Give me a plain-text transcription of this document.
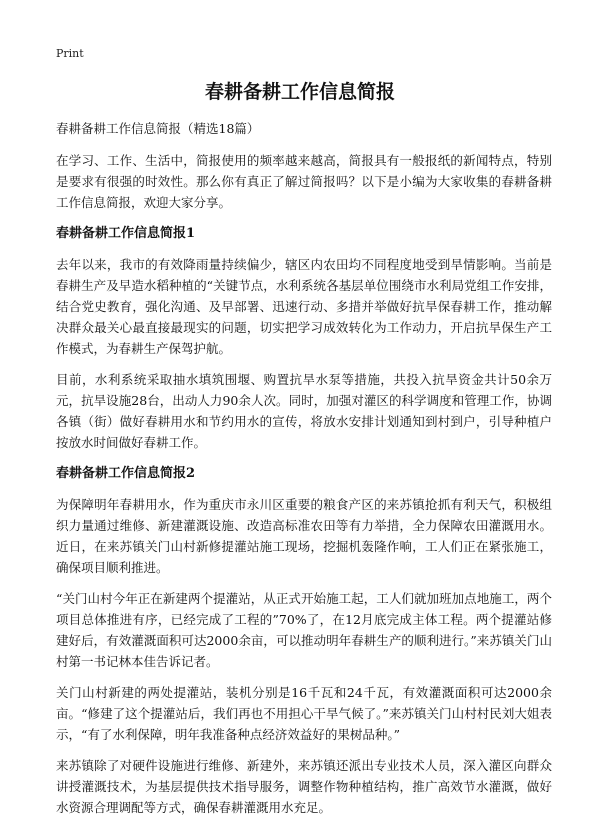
Print
春耕备耕工作信息简报

春耕备耕工作信息简报（精选18篇）

在学习、工作、生活中，简报使用的频率越来越高，简报具有一般报纸的新闻特点，特别是要求有很强的时效性。那么你有真正了解过简报吗？以下是小编为大家收集的春耕备耕工作信息简报，欢迎大家分享。

春耕备耕工作信息简报1

去年以来，我市的有效降雨量持续偏少，辖区内农田均不同程度地受到旱情影响。当前是春耕生产及早造水稻种植的“关键节点，水利系统各基层单位围绕市水利局党组工作安排，结合党史教育，强化沟通、及早部署、迅速行动、多措并举做好抗旱保春耕工作，推动解决群众最关心最直接最现实的问题，切实把学习成效转化为工作动力，开启抗旱保生产工作模式，为春耕生产保驾护航。

目前，水利系统采取抽水填筑围堰、购置抗旱水泵等措施，共投入抗旱资金共计50余万元，抗旱设施28台，出动人力90余人次。同时，加强对灌区的科学调度和管理工作，协调各镇（街）做好春耕用水和节约用水的宣传，将放水安排计划通知到村到户，引导种植户按放水时间做好春耕工作。

春耕备耕工作信息简报2

为保障明年春耕用水，作为重庆市永川区重要的粮食产区的来苏镇抢抓有利天气，积极组织力量通过维修、新建灌溉设施、改造高标准农田等有力举措，全力保障农田灌溉用水。近日，在来苏镇关门山村新修提灌站施工现场，挖掘机轰隆作响，工人们正在紧张施工，确保项目顺利推进。

“关门山村今年正在新建两个提灌站，从正式开始施工起，工人们就加班加点地施工，两个项目总体推进有序，已经完成了工程的”70%了，在12月底完成主体工程。两个提灌站修建好后，有效灌溉面积可达2000余亩，可以推动明年春耕生产的顺利进行。”来苏镇关门山村第一书记林本佳告诉记者。

关门山村新建的两处提灌站，装机分别是16千瓦和24千瓦，有效灌溉面积可达2000余亩。“修建了这个提灌站后，我们再也不用担心干旱气候了。”来苏镇关门山村村民刘大姐表示，“有了水利保障，明年我准备种点经济效益好的果树品种。”

来苏镇除了对硬件设施进行维修、新建外，来苏镇还派出专业技术人员，深入灌区向群众讲授灌溉技术，为基层提供技术指导服务，调整作物种植结构，推广高效节水灌溉，做好水资源合理调配等方式，确保春耕灌溉用水充足。
